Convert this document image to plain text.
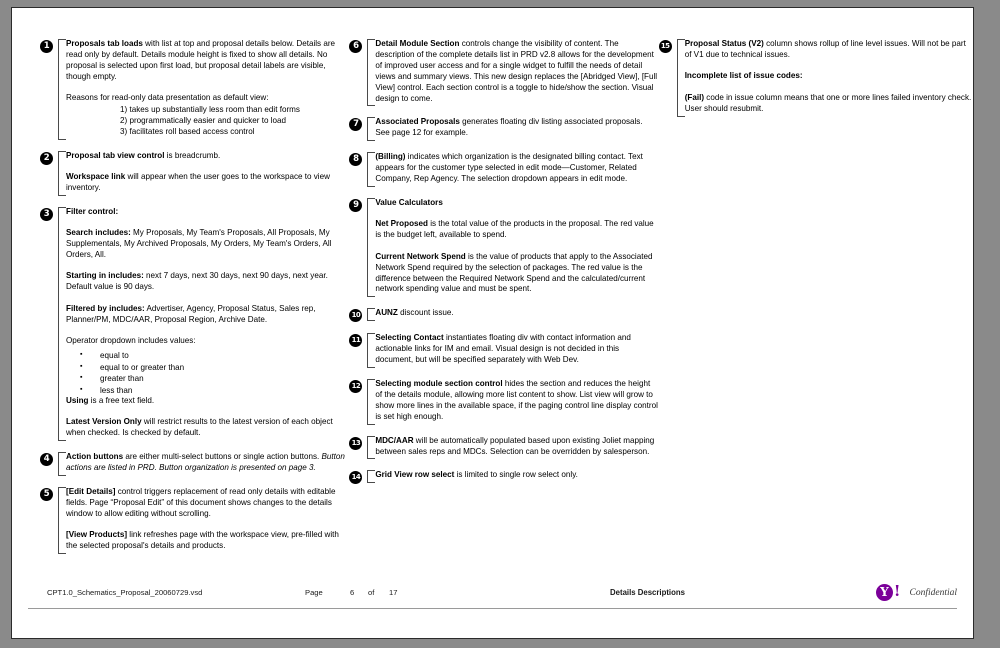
1	Proposals tab loads with list at top and proposal details below. Details are read only by default. Details module height is fixed to show all details. No proposal is selected upon first load, but proposal detail labels are visible, though empty.

Reasons for read-only data presentation as default view:

takes up substantially less room than edit forms
programmatically easier and quicker to load
facilitates roll based access control
2	Proposal tab view control is breadcrumb.

Workspace link will appear when the user goes to the workspace to view inventory.

3	Filter control:

Search includes: My Proposals, My Team's Proposals, All Proposals, My Supplementals, My Archived Proposals, My Orders, My Team's Orders, All Orders, All.

Starting in includes: next 7 days, next 30 days, next 90 days, next year. Default value is 90 days.

Filtered by includes: Advertiser, Agency, Proposal Status, Sales rep, Planner/PM, MDC/AAR, Proposal Region, Archive Date.

Operator dropdown includes values:

▪ equal to
▪ equal to or greater than
▪ greater than
▪ less than

Using is a free text field.

Latest Version Only will restrict results to the latest version of each object when checked. Is checked by default.

4	Action buttons are either multi-select buttons or single action buttons. Button actions are listed in PRD. Button organization is presented on page 3.

5	[Edit Details] control triggers replacement of read only details with editable fields. Page “Proposal Edit” of this document shows changes to the details window to allow editing without scrolling.

[View Products] link refreshes page with the workspace view, pre-filled with the selected proposal's details and products.

6	Detail Module Section controls change the visibility of content. The description of the complete details list in PRD v2.8 allows for the development of improved user access and for a single widget to fulfill the needs of detail views and summary views. This new design replaces the [Abridged View], [Full View] control. Each section control is a toggle to hide/show the section. Visual design to come.

7	Associated Proposals generates floating div listing associated proposals. See page 12 for example.

8	(Billing) indicates which organization is the designated billing contact. Text appears for the customer type selected in edit mode—Customer, Related Company, Rep Agency. The selection dropdown appears in edit mode.

9	Value Calculators

Net Proposed is the total value of the products in the proposal. The red value is the budget left, available to spend.

Current Network Spend is the value of products that apply to the Associated Network Spend required by the selection of packages. The red value is the difference between the Required Network Spend and the calculated/current network spending value and must be spent.

10 AUNZ discount issue.

11 Selecting Contact instantiates floating div with contact information and actionable links for IM and email. Visual design is not decided in this document, but will be specified separately with Web Dev.

12 Selecting module section control hides the section and reduces the height of the details module, allowing more list content to show. List view will grow to show more lines in the available space, if the paging control line display control is set high enough.

13 MDC/AAR will be automatically populated based upon existing Joliet mapping between sales reps and MDCs. Selection can be overridden by salesperson.

14 Grid View row select is limited to single row select only.

15 Proposal Status (V2) column shows rollup of line level issues. Will not be part of V1 due to technical issues.

Incomplete list of issue codes:

(Fail) code in issue column means that one or more lines failed inventory check. User should resubmit.

CPT1.0_Schematics_Proposal_20060729.vsd	Page	6 of 17	Details Descriptions	Y ! Confidential
